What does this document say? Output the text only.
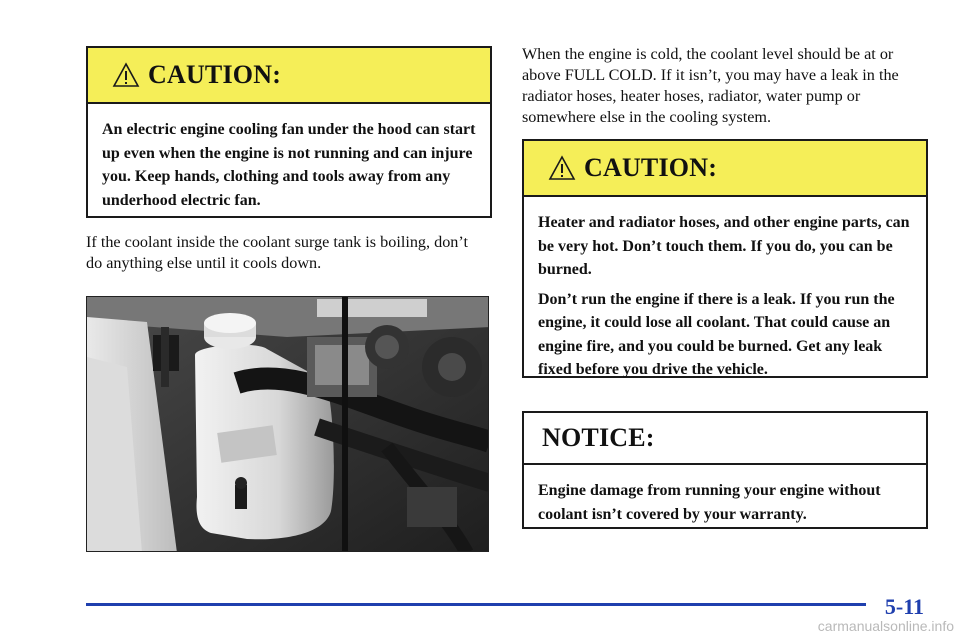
CAUTION:

An electric engine cooling fan under the hood can start up even when the engine is not running and can injure you. Keep hands, clothing and tools away from any underhood electric fan.

If the coolant inside the coolant surge tank is boiling, don’t do anything else until it cools down.

When the engine is cold, the coolant level should be at or above FULL COLD. If it isn’t, you may have a leak in the radiator hoses, heater hoses, radiator, water pump or somewhere else in the cooling system.

CAUTION:

Heater and radiator hoses, and other engine parts, can be very hot. Don’t touch them. If you do, you can be burned.

Don’t run the engine if there is a leak. If you run the engine, it could lose all coolant. That could cause an engine fire, and you could be burned. Get any leak fixed before you drive the vehicle.

NOTICE:

Engine damage from running your engine without coolant isn’t covered by your warranty.

5-11
carmanualsonline.info
